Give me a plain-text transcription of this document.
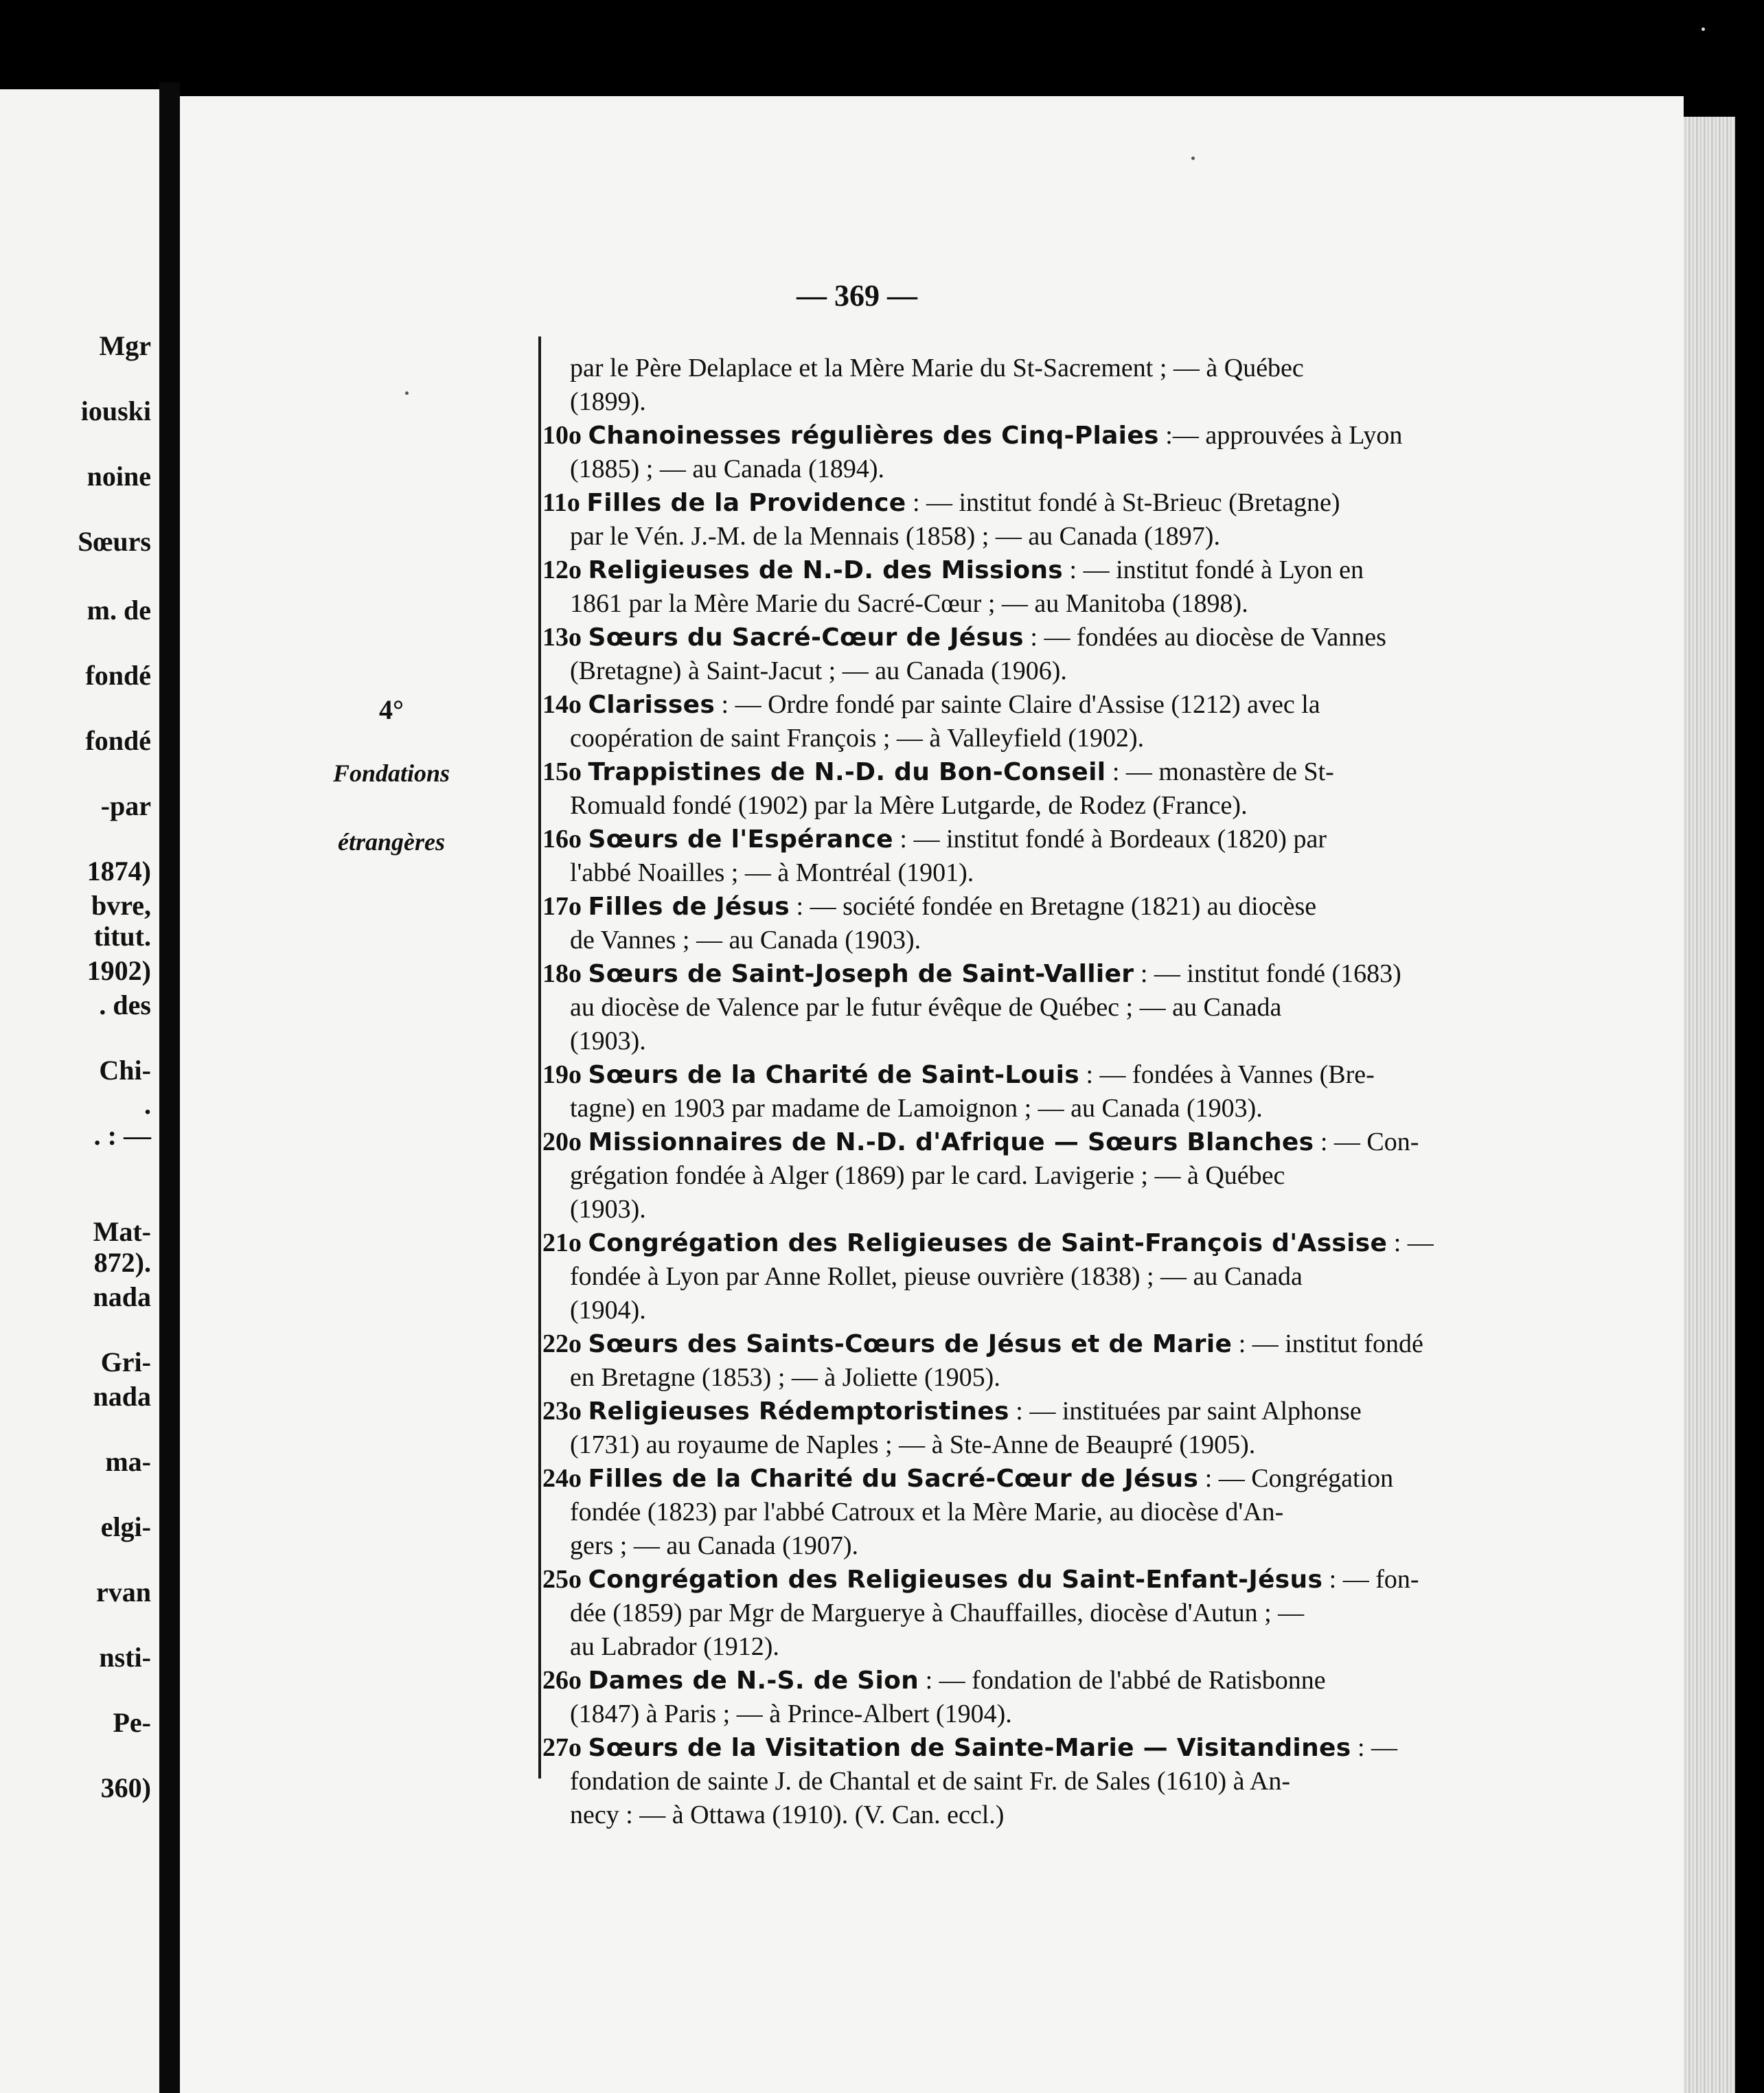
Mgr
iouski
noine
Sœurs
m. de
fondé
fondé
-par
1874)
bvre,
titut.
1902)
. des
Chi-
.
. : —
Mat-
872).
nada
Gri-
nada
ma-
elgi-
rvan
nsti-
Pe-
360)
— 369 —
4°
Fondations
étrangères
par le Père Delaplace et la Mère Marie du St-Sacrement ; — à Québec
(1899).
10o Chanoinesses régulières des Cinq-Plaies :— approuvées à Lyon
(1885) ; — au Canada (1894).
11o Filles de la Providence : — institut fondé à St-Brieuc (Bretagne)
par le Vén. J.-M. de la Mennais (1858) ; — au Canada (1897).
12o Religieuses de N.-D. des Missions : — institut fondé à Lyon en
1861 par la Mère Marie du Sacré-Cœur ; — au Manitoba (1898).
13o Sœurs du Sacré-Cœur de Jésus : — fondées au diocèse de Vannes
(Bretagne) à Saint-Jacut ; — au Canada (1906).
14o Clarisses : — Ordre fondé par sainte Claire d'Assise (1212) avec la
coopération de saint François ; — à Valleyfield (1902).
15o Trappistines de N.-D. du Bon-Conseil : — monastère de St-
Romuald fondé (1902) par la Mère Lutgarde, de Rodez (France).
16o Sœurs de l'Espérance : — institut fondé à Bordeaux (1820) par
l'abbé Noailles ; — à Montréal (1901).
17o Filles de Jésus : — société fondée en Bretagne (1821) au diocèse
de Vannes ; — au Canada (1903).
18o Sœurs de Saint-Joseph de Saint-Vallier : — institut fondé (1683)
au diocèse de Valence par le futur évêque de Québec ; — au Canada
(1903).
19o Sœurs de la Charité de Saint-Louis : — fondées à Vannes (Bre-
tagne) en 1903 par madame de Lamoignon ; — au Canada (1903).
20o Missionnaires de N.-D. d'Afrique — Sœurs Blanches : — Con-
grégation fondée à Alger (1869) par le card. Lavigerie ; — à Québec
(1903).
21o Congrégation des Religieuses de Saint-François d'Assise : —
fondée à Lyon par Anne Rollet, pieuse ouvrière (1838) ; — au Canada
(1904).
22o Sœurs des Saints-Cœurs de Jésus et de Marie : — institut fondé
en Bretagne (1853) ; — à Joliette (1905).
23o Religieuses Rédemptoristines : — instituées par saint Alphonse
(1731) au royaume de Naples ; — à Ste-Anne de Beaupré (1905).
24o Filles de la Charité du Sacré-Cœur de Jésus : — Congrégation
fondée (1823) par l'abbé Catroux et la Mère Marie, au diocèse d'An-
gers ; — au Canada (1907).
25o Congrégation des Religieuses du Saint-Enfant-Jésus : — fon-
dée (1859) par Mgr de Marguerye à Chauffailles, diocèse d'Autun ; —
au Labrador (1912).
26o Dames de N.-S. de Sion : — fondation de l'abbé de Ratisbonne
(1847) à Paris ; — à Prince-Albert (1904).
27o Sœurs de la Visitation de Sainte-Marie — Visitandines : —
fondation de sainte J. de Chantal et de saint Fr. de Sales (1610) à An-
necy : — à Ottawa (1910). (V. Can. eccl.)
